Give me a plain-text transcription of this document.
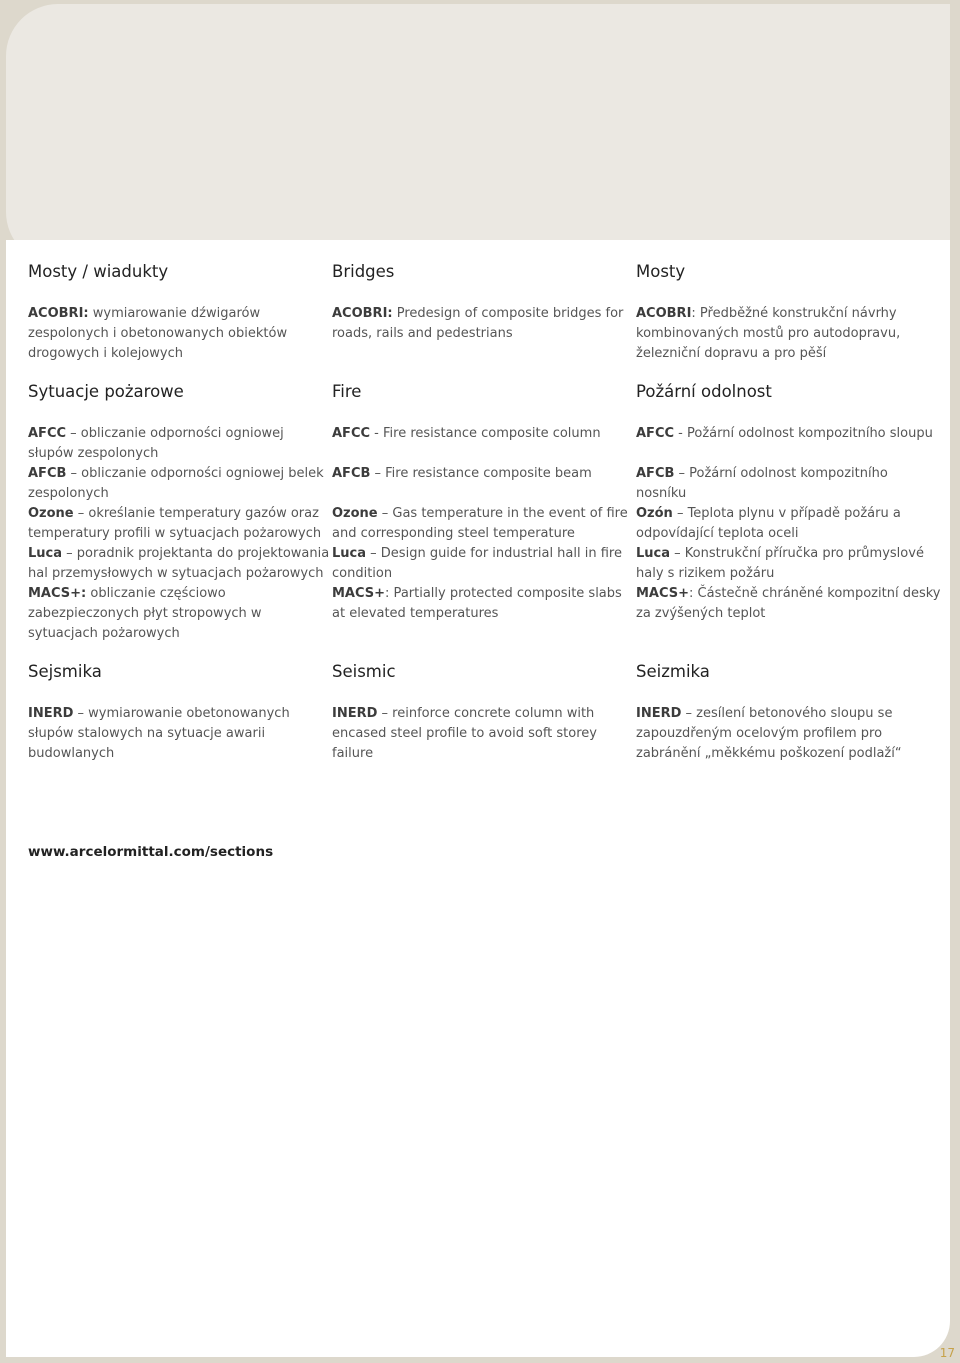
Mosty / wiadukty
ACOBRI: wymiarowanie dźwigarów
zespolonych i obetonowanych obiektów
drogowych i kolejowych
Sytuacje pożarowe
AFCC – obliczanie odporności ogniowej
słupów zespolonych
AFCB – obliczanie odporności ogniowej belek
zespolonych
Ozone – określanie temperatury gazów oraz
temperatury profili w sytuacjach pożarowych
Luca – poradnik projektanta do projektowania
hal przemysłowych w sytuacjach pożarowych
MACS+: obliczanie częściowo
zabezpieczonych płyt stropowych w
sytuacjach pożarowych
Sejsmika
INERD – wymiarowanie obetonowanych
słupów stalowych na sytuacje awarii
budowlanych
Bridges
ACOBRI: Predesign of composite bridges for
roads, rails and pedestrians
Fire
AFCC - Fire resistance composite column
AFCB – Fire resistance composite beam
Ozone – Gas temperature in the event of fire
and corresponding steel temperature
Luca – Design guide for industrial hall in fire
condition
MACS+: Partially protected composite slabs
at elevated temperatures
Seismic
INERD – reinforce concrete column with
encased steel profile to avoid soft storey
failure
Mosty
ACOBRI: Předběžné konstrukční návrhy
kombinovaných mostů pro autodopravu,
železniční dopravu a pro pěší
Požární odolnost
AFCC - Požární odolnost kompozitního sloupu
AFCB – Požární odolnost kompozitního
nosníku
Ozón – Teplota plynu v případě požáru a
odpovídající teplota oceli
Luca – Konstrukční příručka pro průmyslové
haly s rizikem požáru
MACS+: Částečně chráněné kompozitní desky
za zvýšených teplot
Seizmika
INERD – zesílení betonového sloupu se
zapouzdřeným ocelovým profilem pro
zabránění „měkkému poškození podlaží“
www.arcelormittal.com/sections
17
